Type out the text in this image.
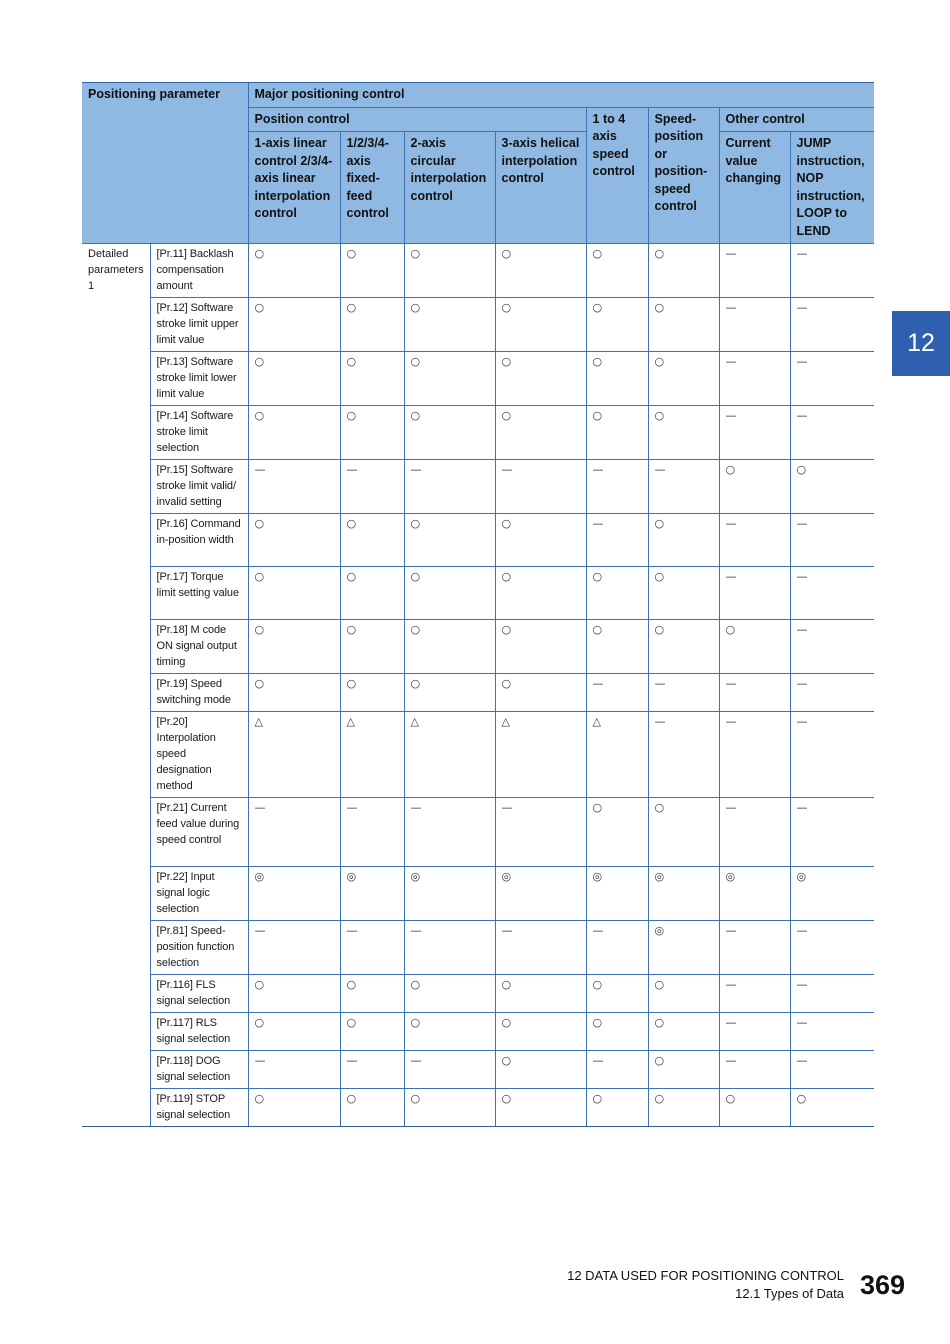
Positioning parameter		Major positioning control							
		Position control				1 to 4 axis speed control	Speed-position or position-speed control	Other control	
		1-axis linear control 2/3/4-axis linear interpolation control	1/2/3/4-axis fixed-feed control	2-axis circular interpolation control	3-axis helical interpolation control			Current value changing	JUMP instruction, NOP instruction, LOOP to LEND
Detailed parameters 1	[Pr.11] Backlash compensation amount	○	○	○	○	○	○	—	—
	[Pr.12] Software stroke limit upper limit value	○	○	○	○	○	○	—	—
	[Pr.13] Software stroke limit lower limit value	○	○	○	○	○	○	—	—
	[Pr.14] Software stroke limit selection	○	○	○	○	○	○	—	—
	[Pr.15] Software stroke limit valid/ invalid setting	—	—	—	—	—	—	○	○
	[Pr.16] Command in-position width	○	○	○	○	—	○	—	—
	[Pr.17] Torque limit setting value	○	○	○	○	○	○	—	—
	[Pr.18] M code ON signal output timing	○	○	○	○	○	○	○	—
	[Pr.19] Speed switching mode	○	○	○	○	—	—	—	—
	[Pr.20] Interpolation speed designation method	△	△	△	△	△	—	—	—
	[Pr.21] Current feed value during speed control	—	—	—	—	○	○	—	—
	[Pr.22] Input signal logic selection	◎	◎	◎	◎	◎	◎	◎	◎
	[Pr.81] Speed-position function selection	—	—	—	—	—	◎	—	—
	[Pr.116] FLS signal selection	○	○	○	○	○	○	—	—
	[Pr.117] RLS signal selection	○	○	○	○	○	○	—	—
	[Pr.118] DOG signal selection	—	—	—	○	—	○	—	—
	[Pr.119] STOP signal selection	○	○	○	○	○	○	○	○
12
12 DATA USED FOR POSITIONING CONTROL
12.1 Types of Data 369
